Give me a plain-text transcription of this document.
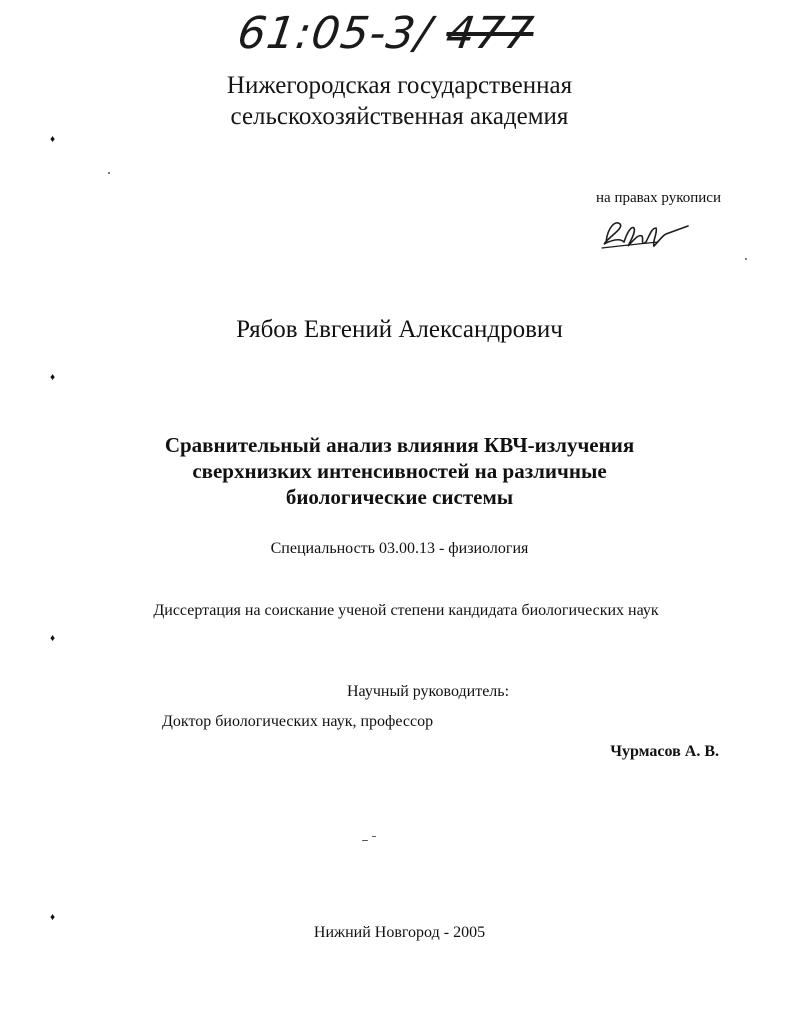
61:05-3/ 477
Нижегородская государственная
сельскохозяйственная академия
на правах рукописи
Рябов Евгений Александрович
Сравнительный анализ влияния КВЧ-излучения
сверхнизких интенсивностей на различные
биологические системы
Специальность 03.00.13 - физиология
Диссертация на соискание ученой степени кандидата биологических наук
Научный руководитель:
Доктор биологических наук, профессор
Чурмасов А. В.
Нижний Новгород - 2005
♦
♦
♦
♦
